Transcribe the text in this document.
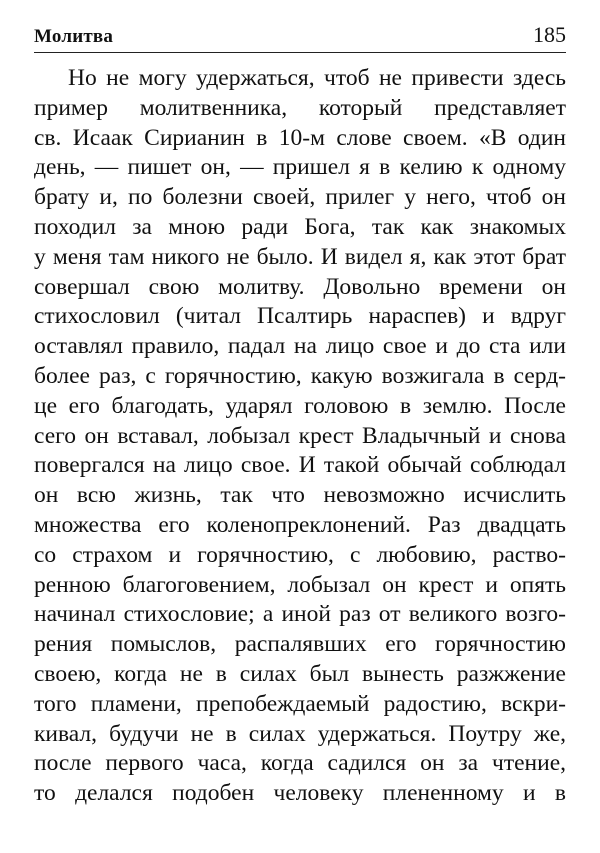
Молитва	185
Но не могу удержаться, чтоб не привести здесь
пример молитвенника, который представляет
св. Исаак Сирианин в 10-м слове своем. «В один
день, — пишет он, — пришел я в келию к одному
брату и, по болезни своей, прилег у него, чтоб он
походил за мною ради Бога, так как знакомых
у меня там никого не было. И видел я, как этот брат
совершал свою молитву. Довольно времени он
стихословил (читал Псалтирь нараспев) и вдруг
оставлял правило, падал на лицо свое и до ста или
более раз, с горячностию, какую возжигала в серд-
це его благодать, ударял головою в землю. После
сего он вставал, лобызал крест Владычный и снова
повергался на лицо свое. И такой обычай соблюдал
он всю жизнь, так что невозможно исчислить
множества его коленопреклонений. Раз двадцать
со страхом и горячностию, с любовию, раство-
ренною благоговением, лобызал он крест и опять
начинал стихословие; а иной раз от великого возго-
рения помыслов, распалявших его горячностию
своею, когда не в силах был вынесть разжжение
того пламени, препобеждаемый радостию, вскри-
кивал, будучи не в силах удержаться. Поутру же,
после первого часа, когда садился он за чтение,
то делался подобен человеку плененному и в
